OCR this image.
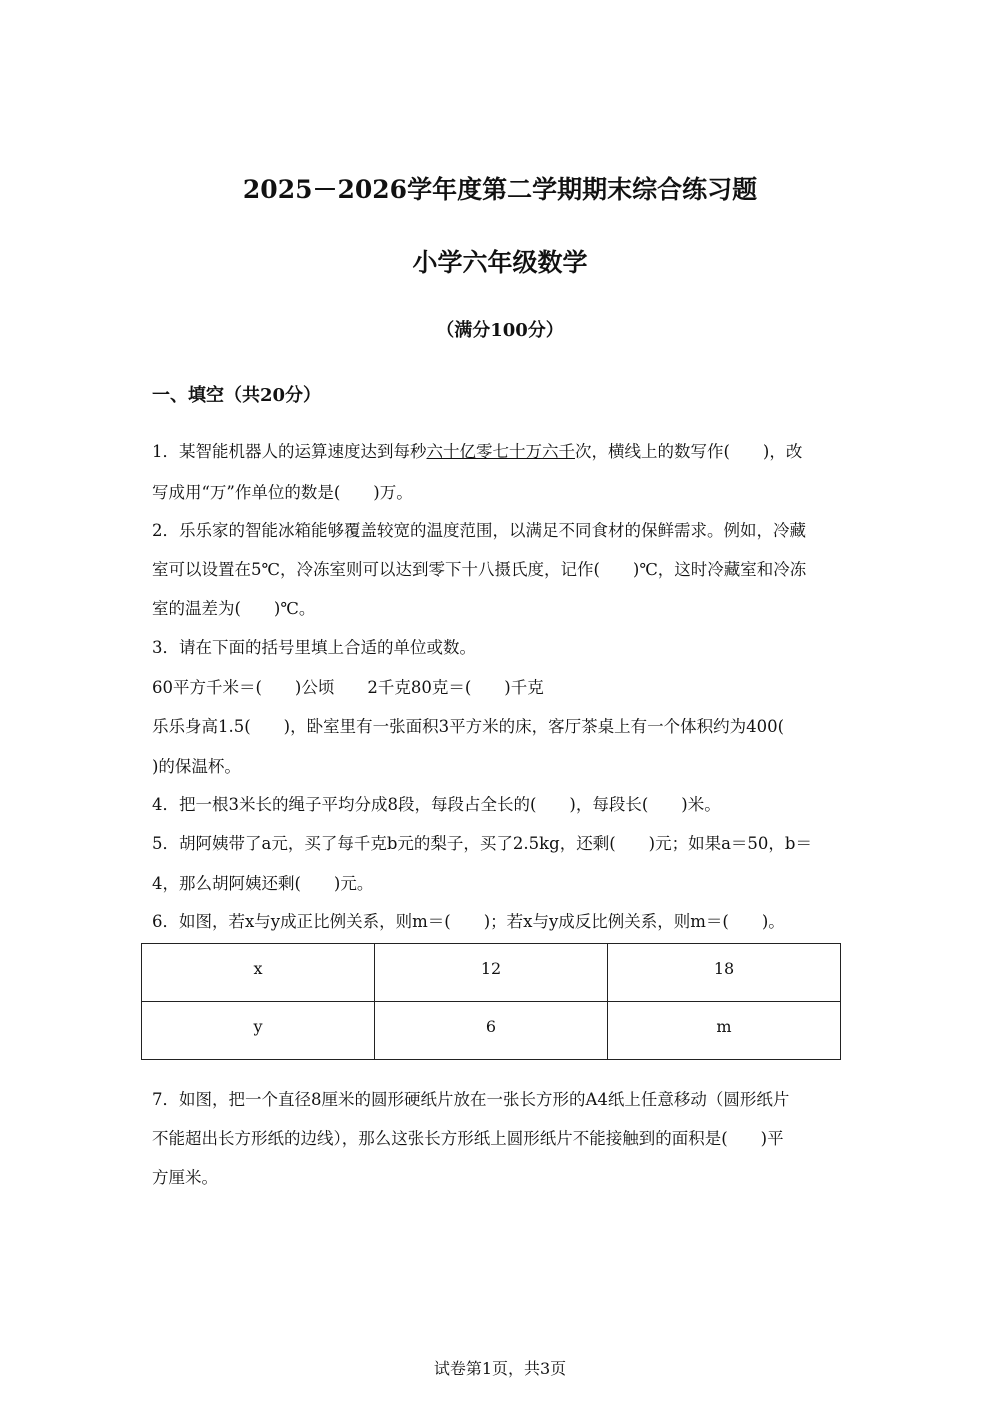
2025－2026学年度第二学期期末综合练习题
小学六年级数学
（满分100分）
一、填空（共20分）
1．某智能机器人的运算速度达到每秒六十亿零七十万六千次，横线上的数写作(　　)，改
写成用“万”作单位的数是(　　)万。
2．乐乐家的智能冰箱能够覆盖较宽的温度范围，以满足不同食材的保鲜需求。例如，冷藏
室可以设置在5℃，冷冻室则可以达到零下十八摄氏度，记作(　　)℃，这时冷藏室和冷冻
室的温差为(　　)℃。
3．请在下面的括号里填上合适的单位或数。
60平方千米＝(　　)公顷　　2千克80克＝(　　)千克
乐乐身高1.5(　　)，卧室里有一张面积3平方米的床，客厅茶桌上有一个体积约为400(
)的保温杯。
4．把一根3米长的绳子平均分成8段，每段占全长的(　　)，每段长(　　)米。
5．胡阿姨带了a元，买了每千克b元的梨子，买了2.5kg，还剩(　　)元；如果a＝50，b＝
4，那么胡阿姨还剩(　　)元。
6．如图，若x与y成正比例关系，则m＝(　　)；若x与y成反比例关系，则m＝(　　)。
x	12	18
y	6	m
7．如图，把一个直径8厘米的圆形硬纸片放在一张长方形的A4纸上任意移动（圆形纸片
不能超出长方形纸的边线），那么这张长方形纸上圆形纸片不能接触到的面积是(　　)平
方厘米。
试卷第1页，共3页
